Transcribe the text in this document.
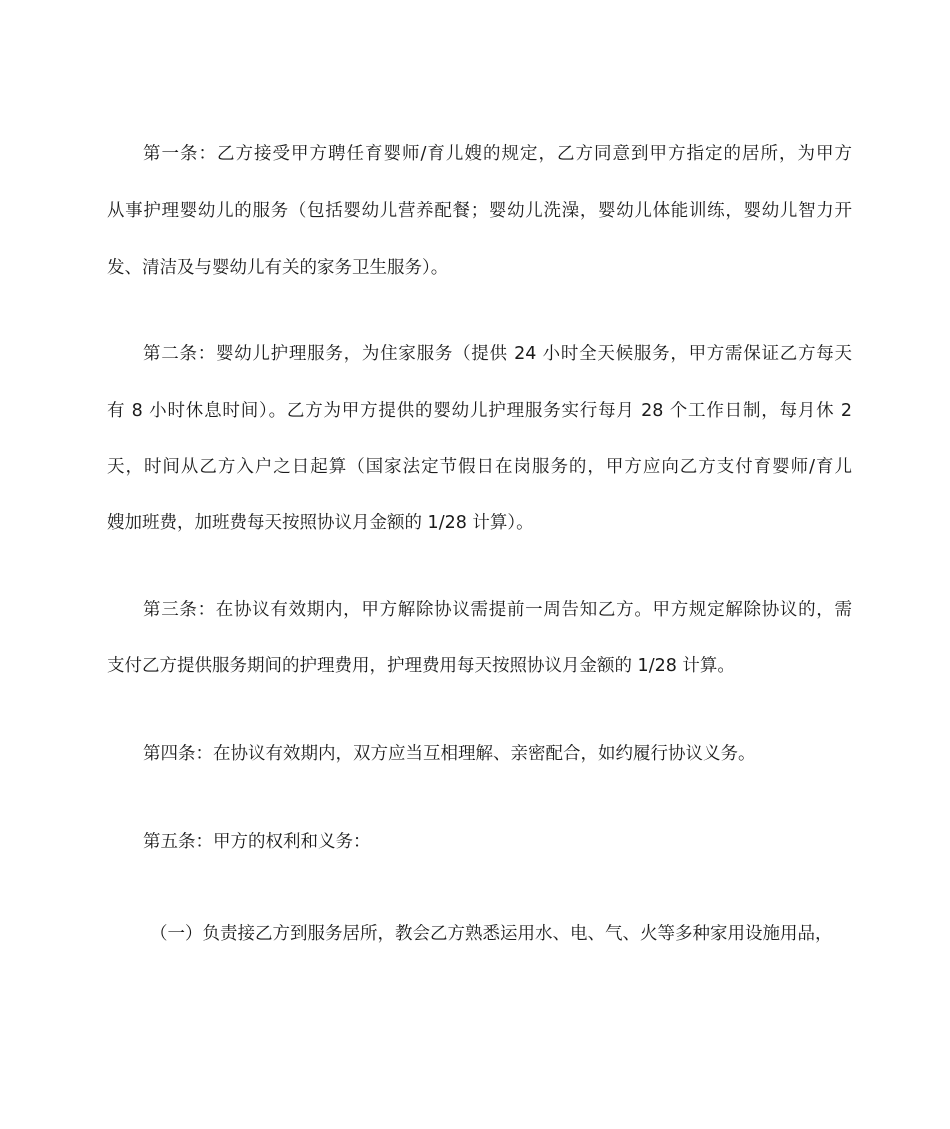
第一条：乙方接受甲方聘任育婴师/育儿嫂的规定，乙方同意到甲方指定的居所，为甲方
从事护理婴幼儿的服务（包括婴幼儿营养配餐；婴幼儿洗澡，婴幼儿体能训练，婴幼儿智力开
发、清洁及与婴幼儿有关的家务卫生服务）。
第二条：婴幼儿护理服务，为住家服务（提供 24 小时全天候服务，甲方需保证乙方每天
有 8 小时休息时间）。乙方为甲方提供的婴幼儿护理服务实行每月 28 个工作日制，每月休 2
天，时间从乙方入户之日起算（国家法定节假日在岗服务的，甲方应向乙方支付育婴师/育儿
嫂加班费，加班费每天按照协议月金额的 1/28 计算）。
第三条：在协议有效期内，甲方解除协议需提前一周告知乙方。甲方规定解除协议的，需
支付乙方提供服务期间的护理费用，护理费用每天按照协议月金额的 1/28 计算。
第四条：在协议有效期内，双方应当互相理解、亲密配合，如约履行协议义务。
第五条：甲方的权利和义务：
（一）负责接乙方到服务居所，教会乙方熟悉运用水、电、气、火等多种家用设施用品，
